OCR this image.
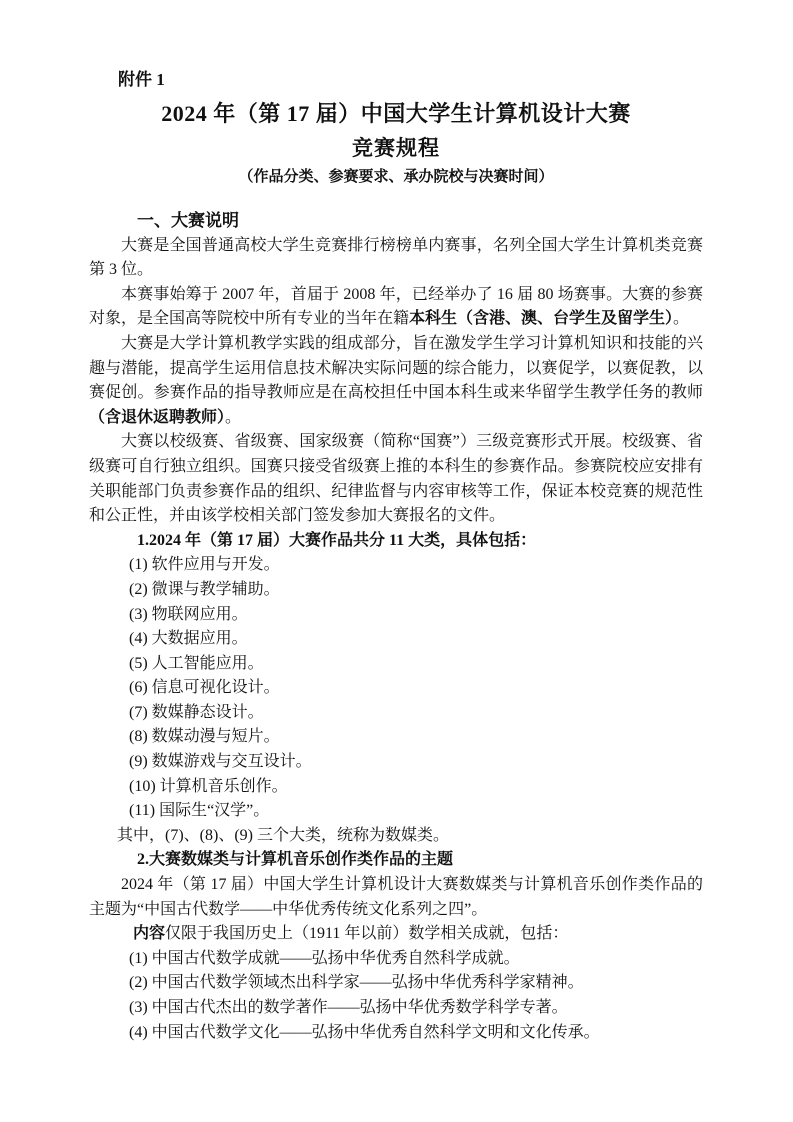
附件 1
2024 年（第 17 届）中国大学生计算机设计大赛
竞赛规程
（作品分类、参赛要求、承办院校与决赛时间）
一、大赛说明

大赛是全国普通高校大学生竞赛排行榜榜单内赛事，名列全国大学生计算机类竞赛第 3 位。

本赛事始筹于 2007 年，首届于 2008 年，已经举办了 16 届 80 场赛事。大赛的参赛对象，是全国高等院校中所有专业的当年在籍本科生（含港、澳、台学生及留学生）。

大赛是大学计算机教学实践的组成部分，旨在激发学生学习计算机知识和技能的兴趣与潜能，提高学生运用信息技术解决实际问题的综合能力，以赛促学，以赛促教，以赛促创。参赛作品的指导教师应是在高校担任中国本科生或来华留学生教学任务的教师（含退休返聘教师）。

大赛以校级赛、省级赛、国家级赛（简称“国赛”）三级竞赛形式开展。校级赛、省级赛可自行独立组织。国赛只接受省级赛上推的本科生的参赛作品。参赛院校应安排有关职能部门负责参赛作品的组织、纪律监督与内容审核等工作，保证本校竞赛的规范性和公正性，并由该学校相关部门签发参加大赛报名的文件。

1.2024 年（第 17 届）大赛作品共分 11 大类，具体包括：
(1) 软件应用与开发。
(2) 微课与教学辅助。
(3) 物联网应用。
(4) 大数据应用。
(5) 人工智能应用。
(6) 信息可视化设计。
(7) 数媒静态设计。
(8) 数媒动漫与短片。
(9) 数媒游戏与交互设计。
(10) 计算机音乐创作。
(11) 国际生“汉学”。

其中，(7)、(8)、(9) 三个大类，统称为数媒类。

2.大赛数媒类与计算机音乐创作类作品的主题

2024 年（第 17 届）中国大学生计算机设计大赛数媒类与计算机音乐创作类作品的主题为“中国古代数学——中华优秀传统文化系列之四”。

内容仅限于我国历史上（1911 年以前）数学相关成就，包括：

(1) 中国古代数学成就——弘扬中华优秀自然科学成就。
(2) 中国古代数学领域杰出科学家——弘扬中华优秀科学家精神。
(3) 中国古代杰出的数学著作——弘扬中华优秀数学科学专著。
(4) 中国古代数学文化——弘扬中华优秀自然科学文明和文化传承。
